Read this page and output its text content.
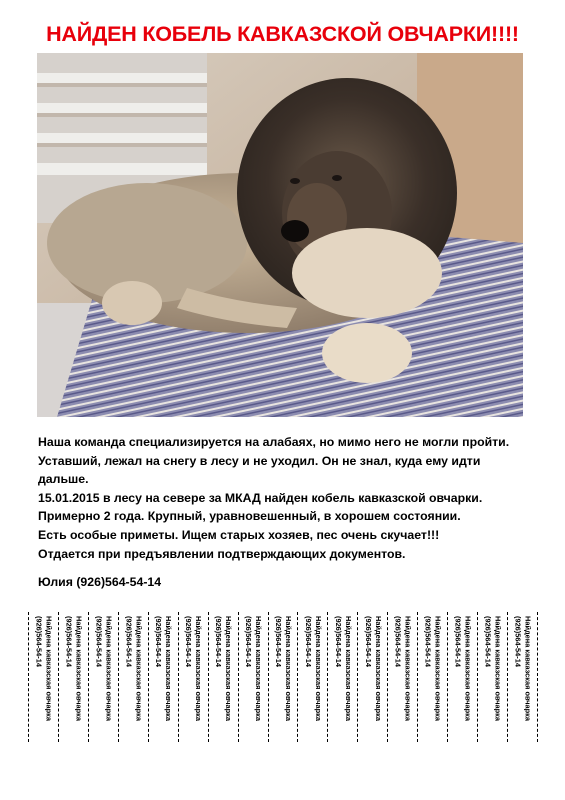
НАЙДЕН КОБЕЛЬ КАВКАЗСКОЙ ОВЧАРКИ!!!!

Наша команда специализируется на алабаях, но мимо него не могли пройти.

Уставший, лежал на снегу в лесу и не уходил. Он не знал, куда ему идти

дальше.

15.01.2015 в лесу на севере за МКАД найден кобель кавказской овчарки.

Примерно 2 года. Крупный, уравновешенный, в хорошем состоянии.

Есть особые приметы. Ищем старых хозяев, пес очень скучает!!!

Отдается при предъявлении подтверждающих документов.

Юлия (926)564-54-14
Найдена кавказская овчарка
(926)564-54-14	Найдена кавказская овчарка
(926)564-54-14	Найдена кавказская овчарка
(926)564-54-14	Найдена кавказская овчарка
(926)564-54-14	Найдена кавказская овчарка
(926)564-54-14	Найдена кавказская овчарка
(926)564-54-14	Найдена кавказская овчарка
(926)564-54-14	Найдена кавказская овчарка
(926)564-54-14	Найдена кавказская овчарка
(926)564-54-14	Найдена кавказская овчарка
(926)564-54-14	Найдена кавказская овчарка
(926)564-54-14	Найдена кавказская овчарка
(926)564-54-14	Найдена кавказская овчарка
(926)564-54-14	Найдена кавказская овчарка
(926)564-54-14	Найдена кавказская овчарка
(926)564-54-14	Найдена кавказская овчарка
(926)564-54-14	Найдена кавказская овчарка
(926)564-54-14
